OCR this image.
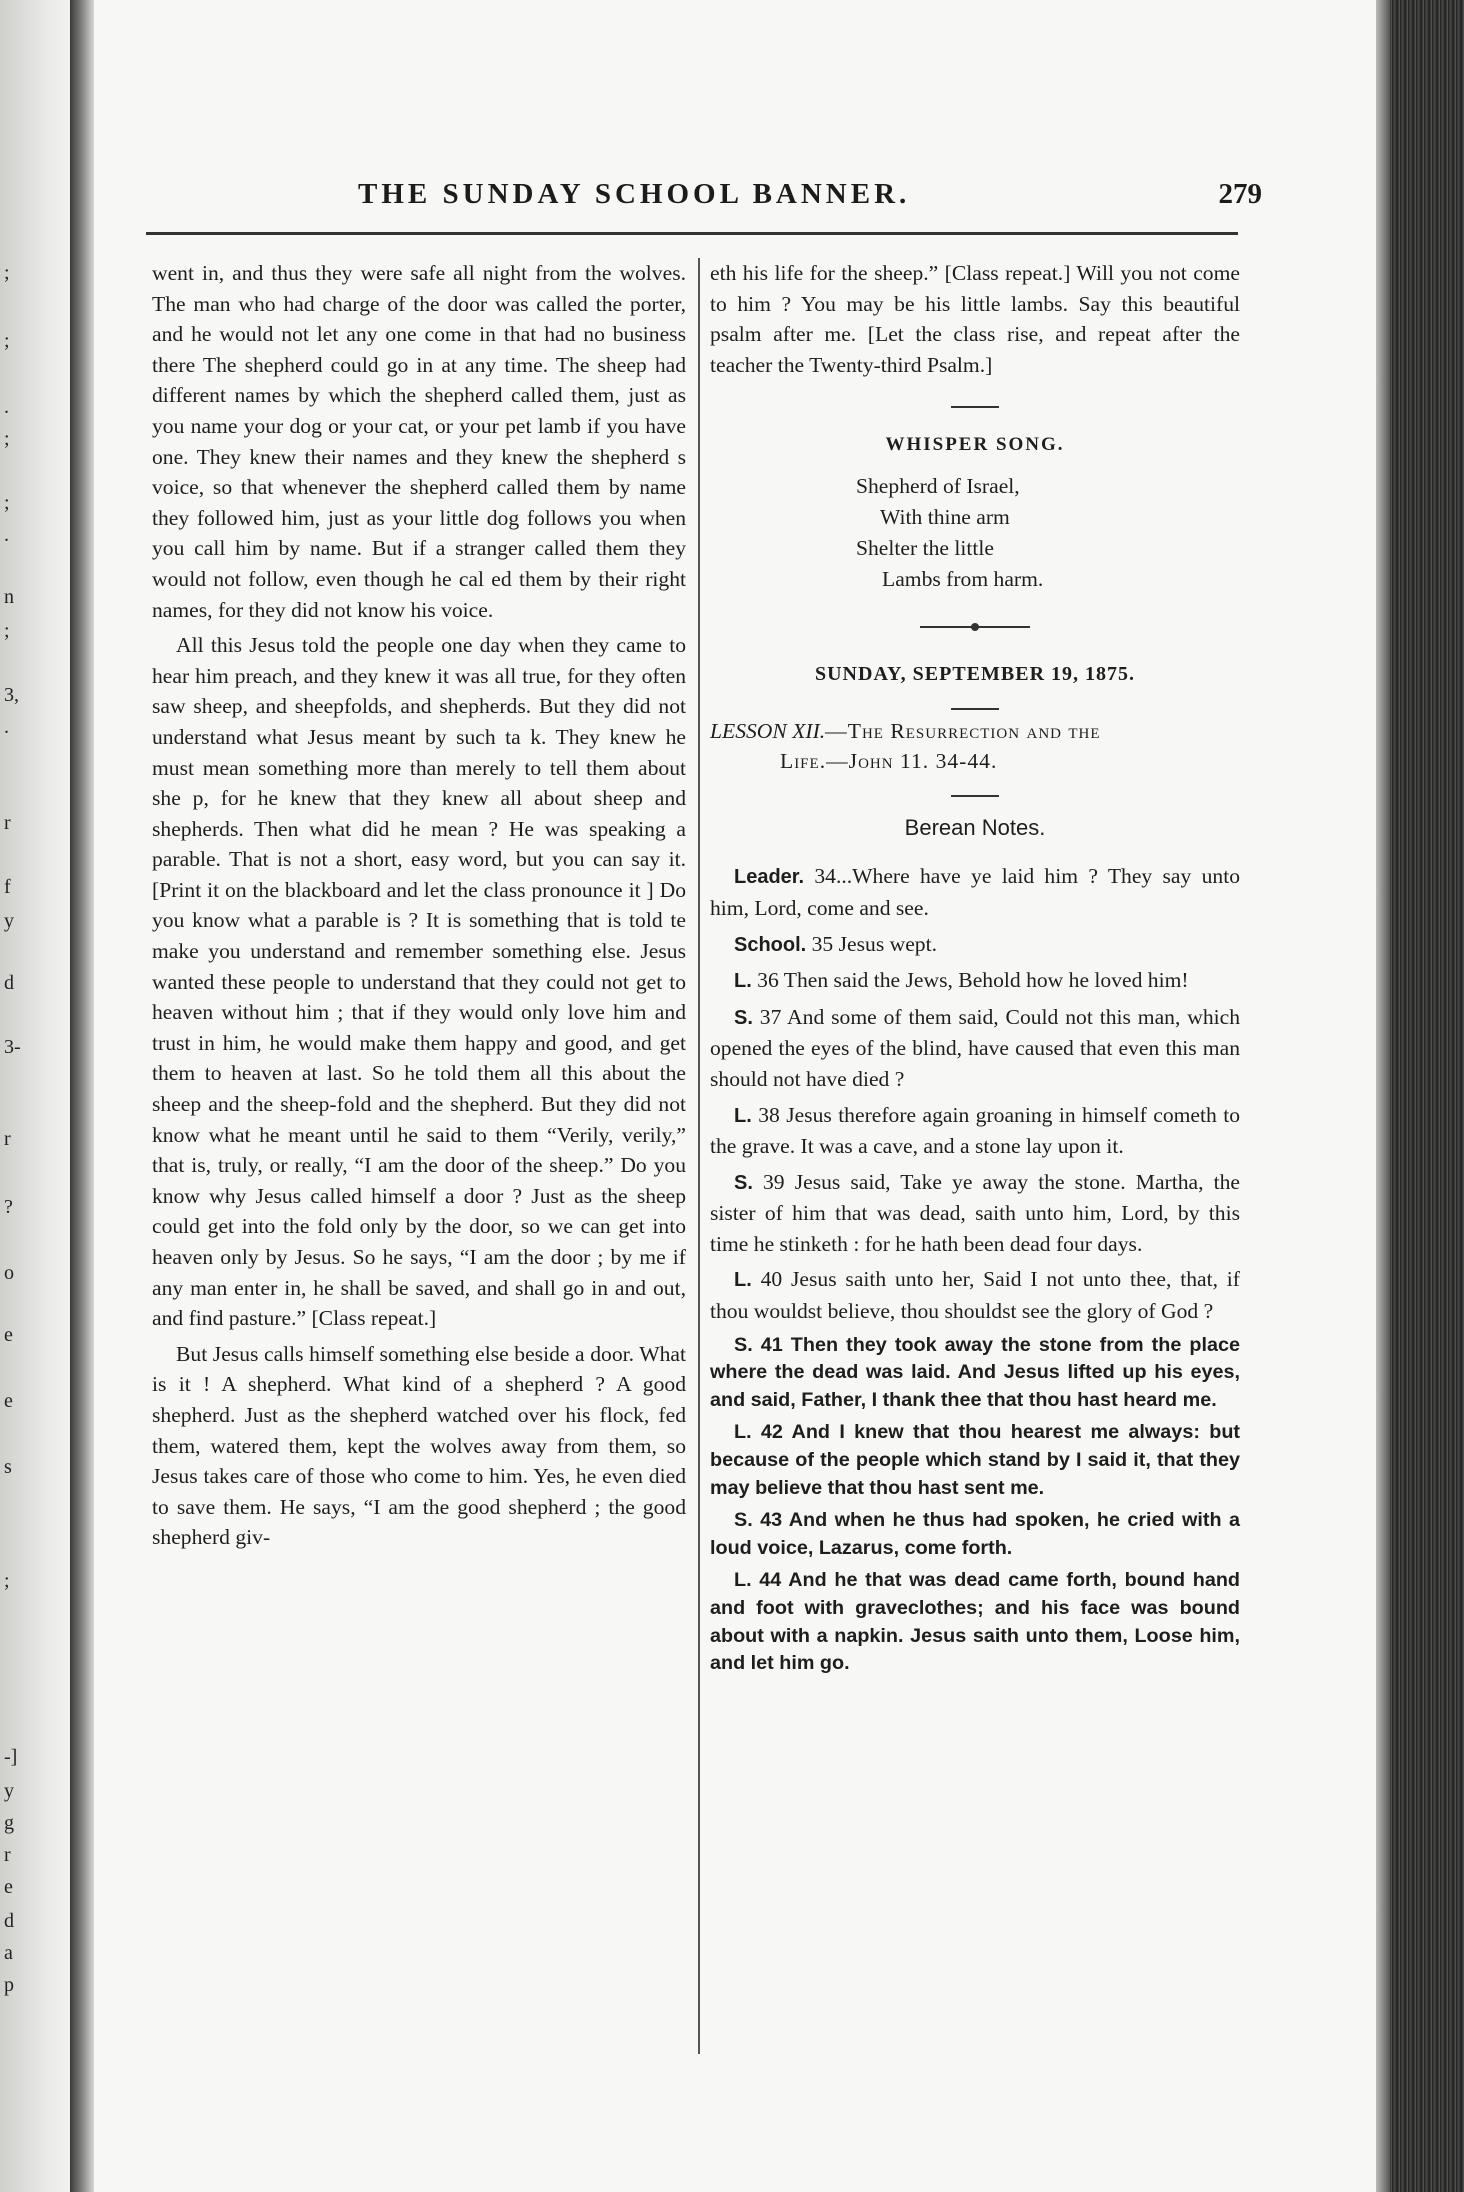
;
;
.
;
;
.
n
;
3,
.
r
f
y
d
3-
r
?
o
e
e
s
;
-]
y
g
r
e
d
a
p
THE SUNDAY SCHOOL BANNER.	279

went in, and thus they were safe all night from the wolves. The man who had charge of the door was called the porter, and he would not let any one come in that had no business there The shepherd could go in at any time. The sheep had different names by which the shepherd called them, just as you name your dog or your cat, or your pet lamb if you have one. They knew their names and they knew the shepherd s voice, so that whenever the shepherd called them by name they followed him, just as your little dog follows you when you call him by name. But if a stranger called them they would not follow, even though he cal ed them by their right names, for they did not know his voice.

All this Jesus told the people one day when they came to hear him preach, and they knew it was all true, for they often saw sheep, and sheepfolds, and shepherds. But they did not understand what Jesus meant by such ta k. They knew he must mean something more than merely to tell them about she p, for he knew that they knew all about sheep and shepherds. Then what did he mean ? He was speaking a parable. That is not a short, easy word, but you can say it. [Print it on the blackboard and let the class pronounce it ] Do you know what a parable is ? It is something that is told te make you understand and remember something else. Jesus wanted these people to understand that they could not get to heaven without him ; that if they would only love him and trust in him, he would make them happy and good, and get them to heaven at last. So he told them all this about the sheep and the sheep-fold and the shepherd. But they did not know what he meant until he said to them “Verily, verily,” that is, truly, or really, “I am the door of the sheep.” Do you know why Jesus called himself a door ? Just as the sheep could get into the fold only by the door, so we can get into heaven only by Jesus. So he says, “I am the door ; by me if any man enter in, he shall be saved, and shall go in and out, and find pasture.” [Class repeat.]

But Jesus calls himself something else beside a door. What is it ! A shepherd. What kind of a shepherd ? A good shepherd. Just as the shepherd watched over his flock, fed them, watered them, kept the wolves away from them, so Jesus takes care of those who come to him. Yes, he even died to save them. He says, “I am the good shepherd ; the good shepherd giv-

eth his life for the sheep.” [Class repeat.] Will you not come to him ? You may be his little lambs. Say this beautiful psalm after me. [Let the class rise, and repeat after the teacher the Twenty-third Psalm.]

WHISPER SONG.
Shepherd of Israel,
With thine arm
Shelter the little
Lambs from harm.
SUNDAY, SEPTEMBER 19, 1875.

LESSON XII.—The Resurrection and the
Life.—John 11. 34-44.

Berean Notes.

Leader. 34...Where have ye laid him ? They say unto him, Lord, come and see.

School. 35 Jesus wept.

L. 36 Then said the Jews, Behold how he loved him!

S. 37 And some of them said, Could not this man, which opened the eyes of the blind, have caused that even this man should not have died ?

L. 38 Jesus therefore again groaning in himself cometh to the grave. It was a cave, and a stone lay upon it.

S. 39 Jesus said, Take ye away the stone. Martha, the sister of him that was dead, saith unto him, Lord, by this time he stinketh : for he hath been dead four days.

L. 40 Jesus saith unto her, Said I not unto thee, that, if thou wouldst believe, thou shouldst see the glory of God ?

S. 41 Then they took away the stone from the place where the dead was laid. And Jesus lifted up his eyes, and said, Father, I thank thee that thou hast heard me.

L. 42 And I knew that thou hearest me always: but because of the people which stand by I said it, that they may believe that thou hast sent me.

S. 43 And when he thus had spoken, he cried with a loud voice, Lazarus, come forth.

L. 44 And he that was dead came forth, bound hand and foot with graveclothes; and his face was bound about with a napkin. Jesus saith unto them, Loose him, and let him go.
